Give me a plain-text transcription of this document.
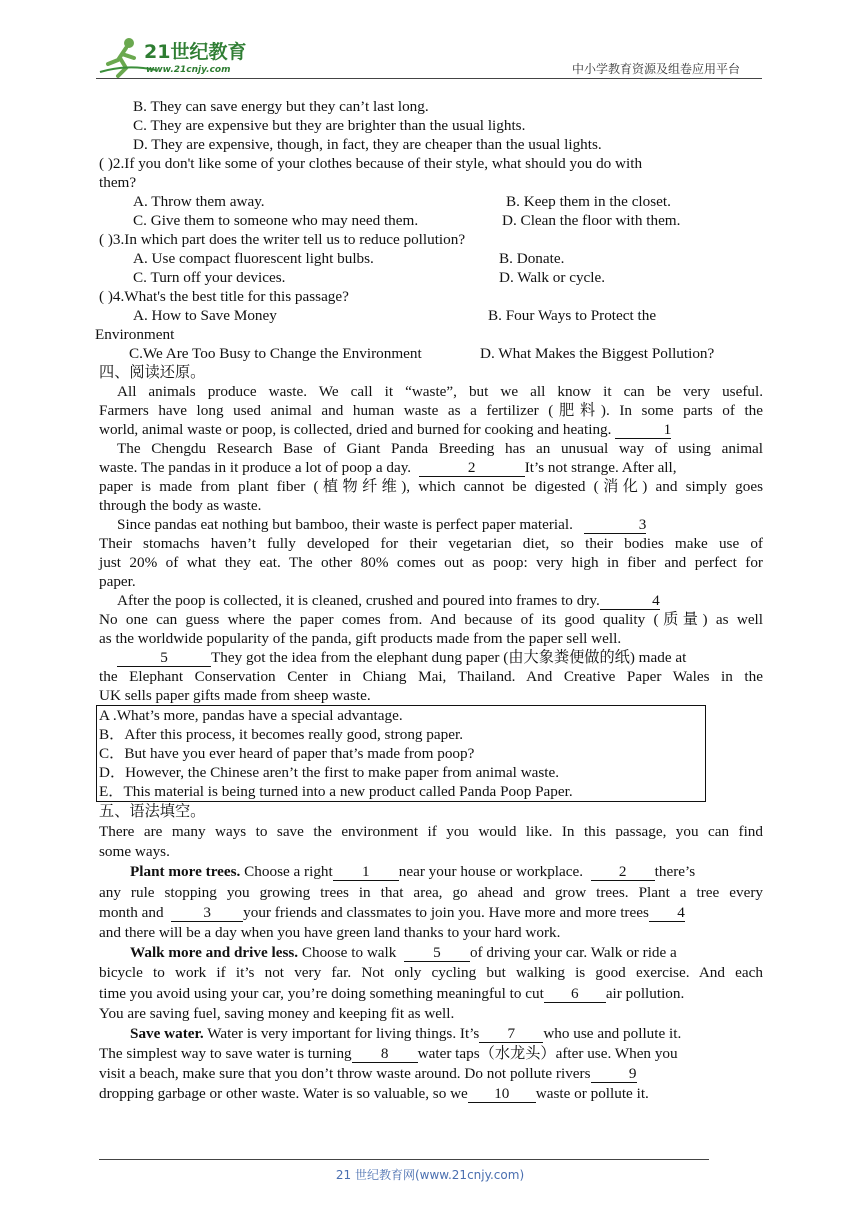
21世纪教育
www.21cnjy.com	中小学教育资源及组卷应用平台
B. They can save energy but they can’t last long.
C. They are expensive but they are brighter than the usual lights.
D. They are expensive, though, in fact, they are cheaper than the usual lights.
( )2.If you don't like some of your clothes because of their style, what should you do with
them?
A. Throw them away.	B. Keep them in the closet.
C. Give them to someone who may need them.	D. Clean the floor with them.
( )3.In which part does the writer tell us to reduce pollution?
A. Use compact fluorescent light bulbs.	B. Donate.
C. Turn off your devices.	D. Walk or cycle.
( )4.What's the best title for this passage?
A. How to Save Money	B. Four Ways to Protect the
Environment
C.We Are Too Busy to Change the Environment	D. What Makes the Biggest Pollution?
四、阅读还原。
All animals produce waste. We call it “waste”, but we all know it can be very useful.
Farmers have long used animal and human waste as a fertilizer (肥料). In some parts of the
world, animal waste or poop, is collected, dried and burned for cooking and heating.	1
The Chengdu Research Base of Giant Panda Breeding has an unusual way of using animal
waste. The pandas in it produce a lot of poop a day.	2	It’s not strange. After all,
paper is made from plant fiber (植物纤维), which cannot be digested (消化) and simply goes
through the body as waste.
Since pandas eat nothing but bamboo, their waste is perfect paper material.	3
Their stomachs haven’t fully developed for their vegetarian diet, so their bodies make use of
just 20% of what they eat. The other 80% comes out as poop: very high in fiber and perfect for
paper.
After the poop is collected, it is cleaned, crushed and poured into frames to dry.	4
No one can guess where the paper comes from. And because of its good quality (质量) as well
as the worldwide popularity of the panda, gift products made from the paper sell well.
5	They got the idea from the elephant dung paper (由大象粪便做的纸) made at
the Elephant Conservation Center in Chiang Mai, Thailand. And Creative Paper Wales in the
UK sells paper gifts made from sheep waste.
A .What’s more, pandas have a special advantage.
B．After this process, it becomes really good, strong paper.
C．But have you ever heard of paper that’s made from poop?
D．However, the Chinese aren’t the first to make paper from animal waste.
E．This material is being turned into a new product called Panda Poop Paper.
五、语法填空。
There are many ways to save the environment if you would like. In this passage, you can find
some ways.
Plant more trees. Choose a right 1 near your house or workplace. 2 there’s
any rule stopping you growing trees in that area, go ahead and grow trees. Plant a tree every
month and	3 your friends and classmates to join you. Have more and more trees 4
and there will be a day when you have green land thanks to your hard work.
Walk more and drive less. Choose to walk 5 of driving your car. Walk or ride a
bicycle to work if it’s not very far. Not only cycling but walking is good exercise. And each
time you avoid using your car, you’re doing something meaningful to cut 6 air pollution.
You are saving fuel, saving money and keeping fit as well.
Save water. Water is very important for living things. It’s 7 who use and pollute it.
The simplest way to save water is turning 8 water taps（水龙头）after use. When you
visit a beach, make sure that you don’t throw waste around. Do not pollute rivers	9
dropping garbage or other waste. Water is so valuable, so we 10 waste or pollute it.
21 世纪教育网(www.21cnjy.com)
